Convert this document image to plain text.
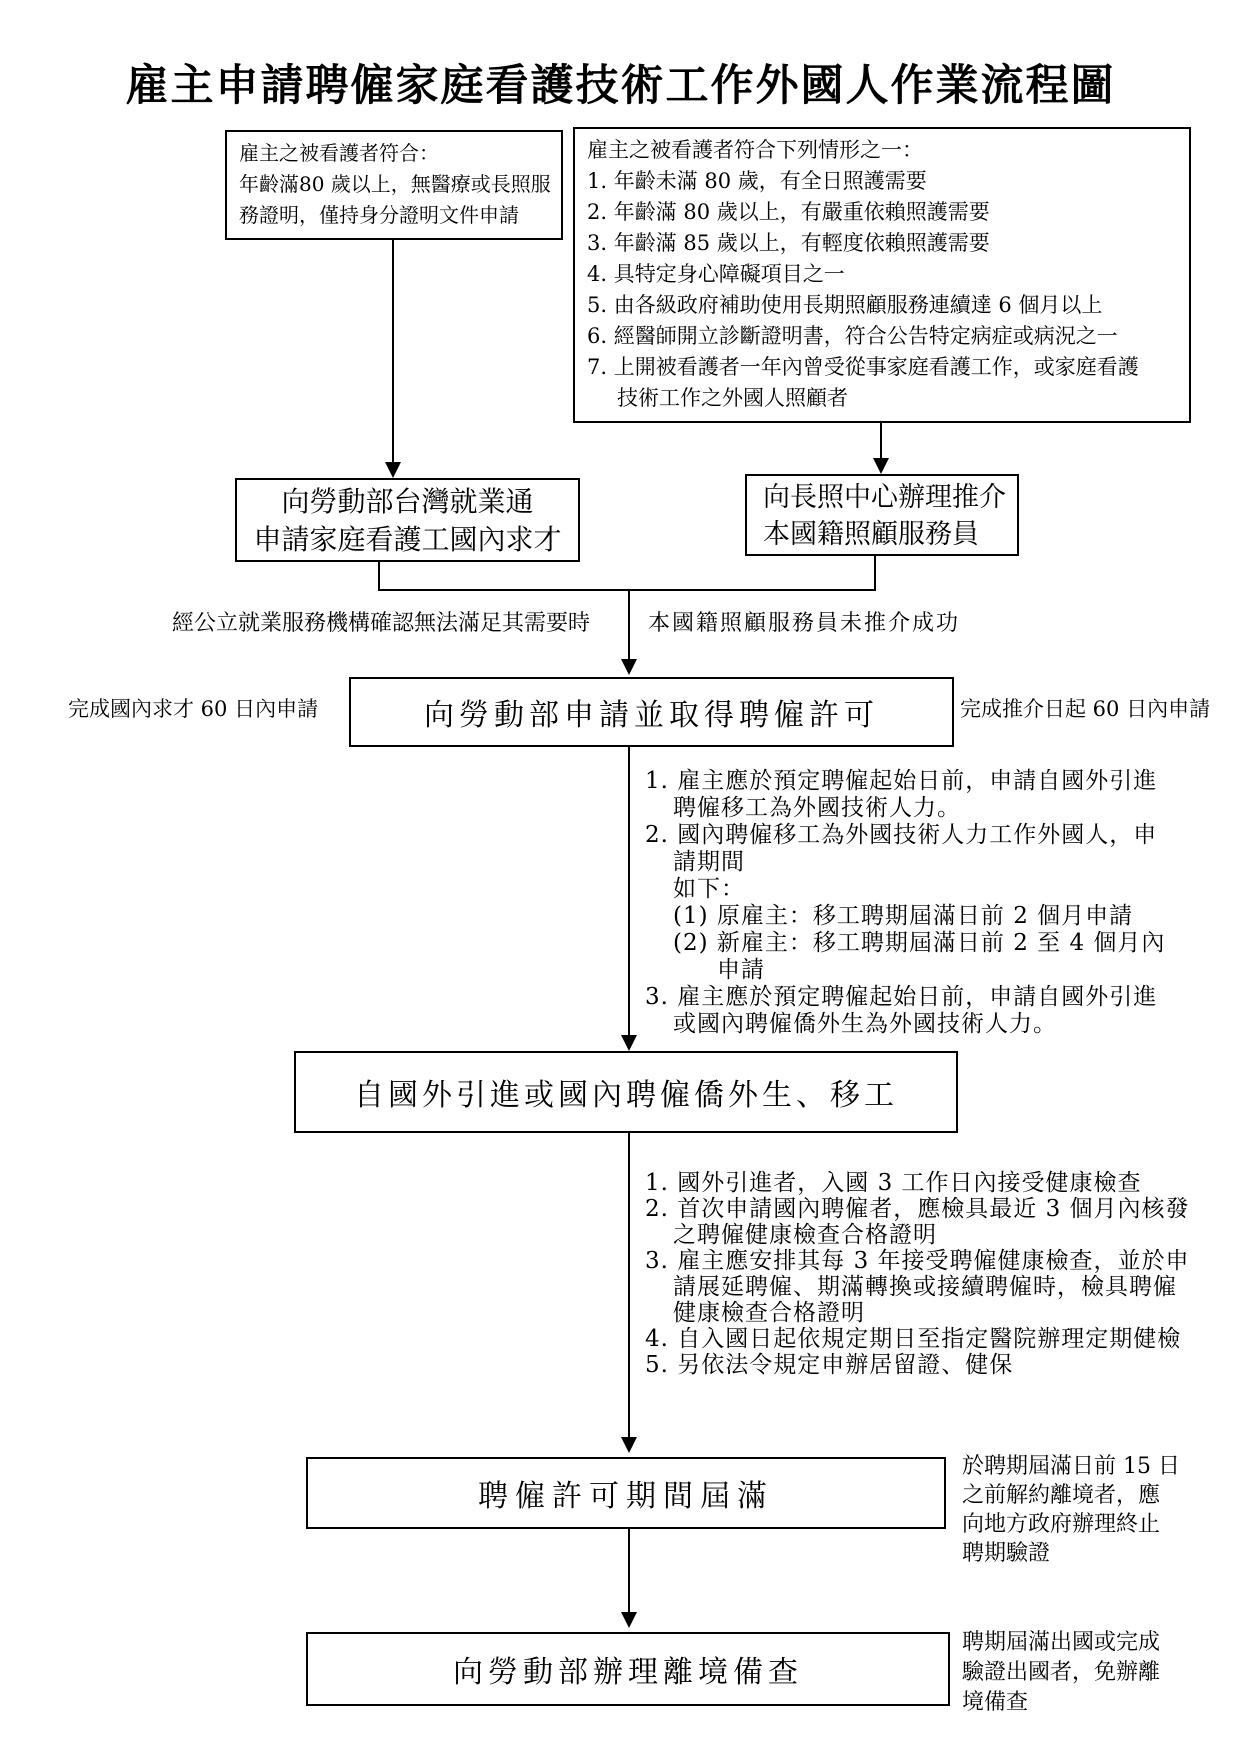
雇主申請聘僱家庭看護技術工作外國人作業流程圖
雇主之被看護者符合：
年齡滿80 歲以上，無醫療或長照服
務證明，僅持身分證明文件申請
雇主之被看護者符合下列情形之一：
1. 年齡未滿 80 歲，有全日照護需要
2. 年齡滿 80 歲以上，有嚴重依賴照護需要
3. 年齡滿 85 歲以上，有輕度依賴照護需要
4. 具特定身心障礙項目之一
5. 由各級政府補助使用長期照顧服務連續達 6 個月以上
6. 經醫師開立診斷證明書，符合公告特定病症或病況之一
7. 上開被看護者一年內曾受從事家庭看護工作，或家庭看護
技術工作之外國人照顧者
向勞動部台灣就業通
申請家庭看護工國內求才
向長照中心辦理推介
本國籍照顧服務員
經公立就業服務機構確認無法滿足其需要時	本國籍照顧服務員未推介成功
向勞動部申請並取得聘僱許可
完成國內求才 60 日內申請	完成推介日起 60 日內申請
1. 雇主應於預定聘僱起始日前，申請自國外引進
聘僱移工為外國技術人力。
2. 國內聘僱移工為外國技術人力工作外國人，申
請期間
如下：
(1) 原雇主：移工聘期屆滿日前 2 個月申請
(2) 新雇主：移工聘期屆滿日前 2 至 4 個月內
申請
3. 雇主應於預定聘僱起始日前，申請自國外引進
或國內聘僱僑外生為外國技術人力。
自國外引進或國內聘僱僑外生、移工
1. 國外引進者，入國 3 工作日內接受健康檢查
2. 首次申請國內聘僱者，應檢具最近 3 個月內核發
之聘僱健康檢查合格證明
3. 雇主應安排其每 3 年接受聘僱健康檢查，並於申
請展延聘僱、期滿轉換或接續聘僱時，檢具聘僱
健康檢查合格證明
4. 自入國日起依規定期日至指定醫院辦理定期健檢
5. 另依法令規定申辦居留證、健保
聘僱許可期間屆滿
於聘期屆滿日前 15 日
之前解約離境者，應
向地方政府辦理終止
聘期驗證
向勞動部辦理離境備查
聘期屆滿出國或完成
驗證出國者，免辦離
境備查
